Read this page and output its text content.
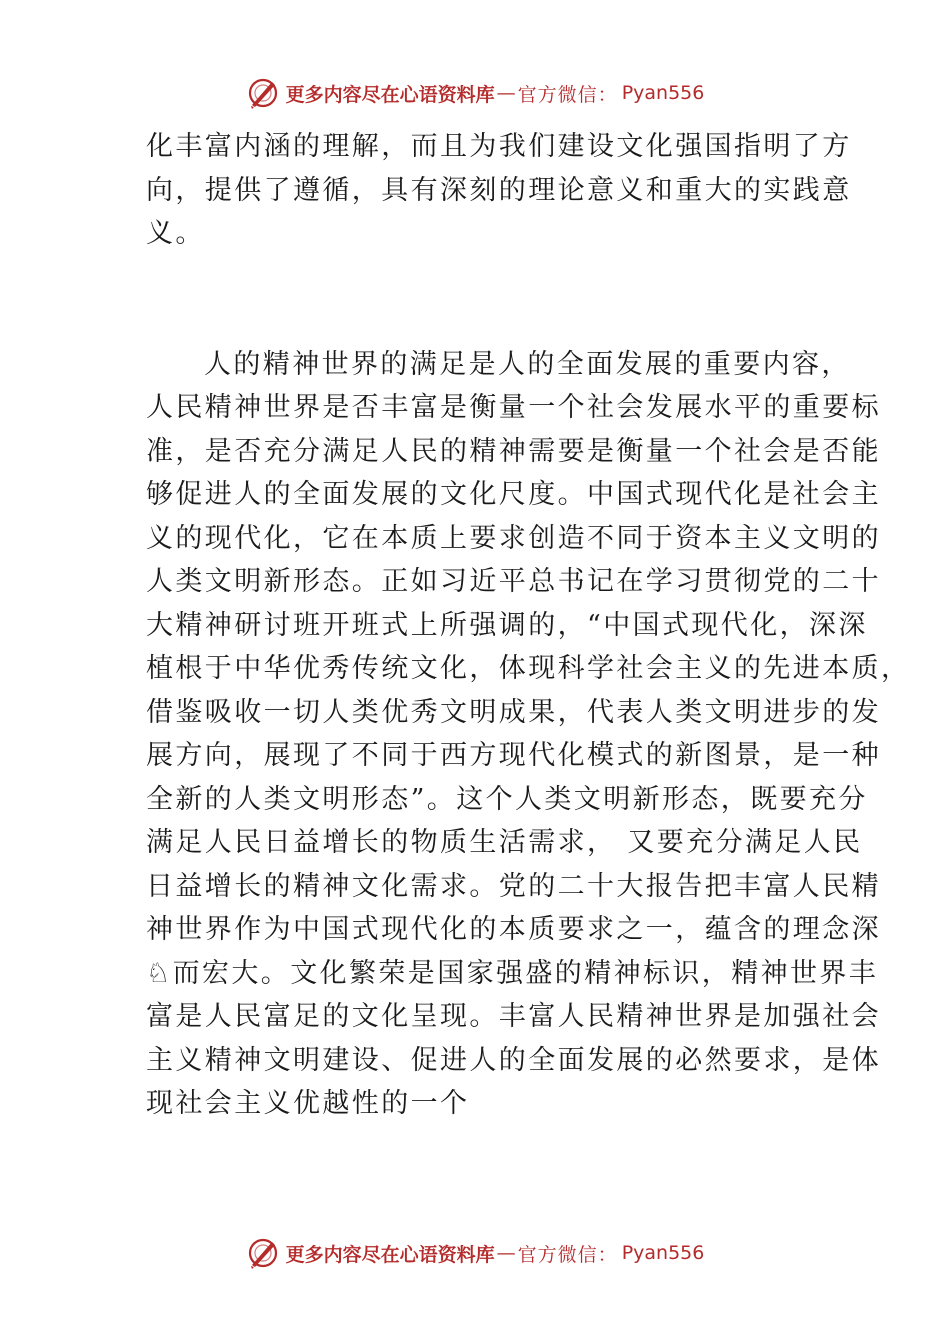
更多内容尽在心语资料库 — 官方微信： Pyan556

化丰富内涵的理解，而且为我们建设文化强国指明了方

向，提供了遵循，具有深刻的理论意义和重大的实践意

义。

人的精神世界的满足是人的全面发展的重要内容，

人民精神世界是否丰富是衡量一个社会发展水平的重要标

准，是否充分满足人民的精神需要是衡量一个社会是否能

够促进人的全面发展的文化尺度。中国式现代化是社会主

义的现代化，它在本质上要求创造不同于资本主义文明的

人类文明新形态。正如习近平总书记在学习贯彻党的二十

大精神研讨班开班式上所强调的，“中国式现代化，深深

植根于中华优秀传统文化，体现科学社会主义的先进本质，

借鉴吸收一切人类优秀文明成果，代表人类文明进步的发

展方向，展现了不同于西方现代化模式的新图景，是一种

全新的人类文明形态”。这个人类文明新形态，既要充分

满足人民日益增长的物质生活需求， 又要充分满足人民

日益增长的精神文化需求。党的二十大报告把丰富人民精

神世界作为中国式现代化的本质要求之一，蕴含的理念深

♘而宏大。文化繁荣是国家强盛的精神标识，精神世界丰

富是人民富足的文化呈现。丰富人民精神世界是加强社会

主义精神文明建设、促进人的全面发展的必然要求，是体

现社会主义优越性的一个

更多内容尽在心语资料库 — 官方微信： Pyan556
